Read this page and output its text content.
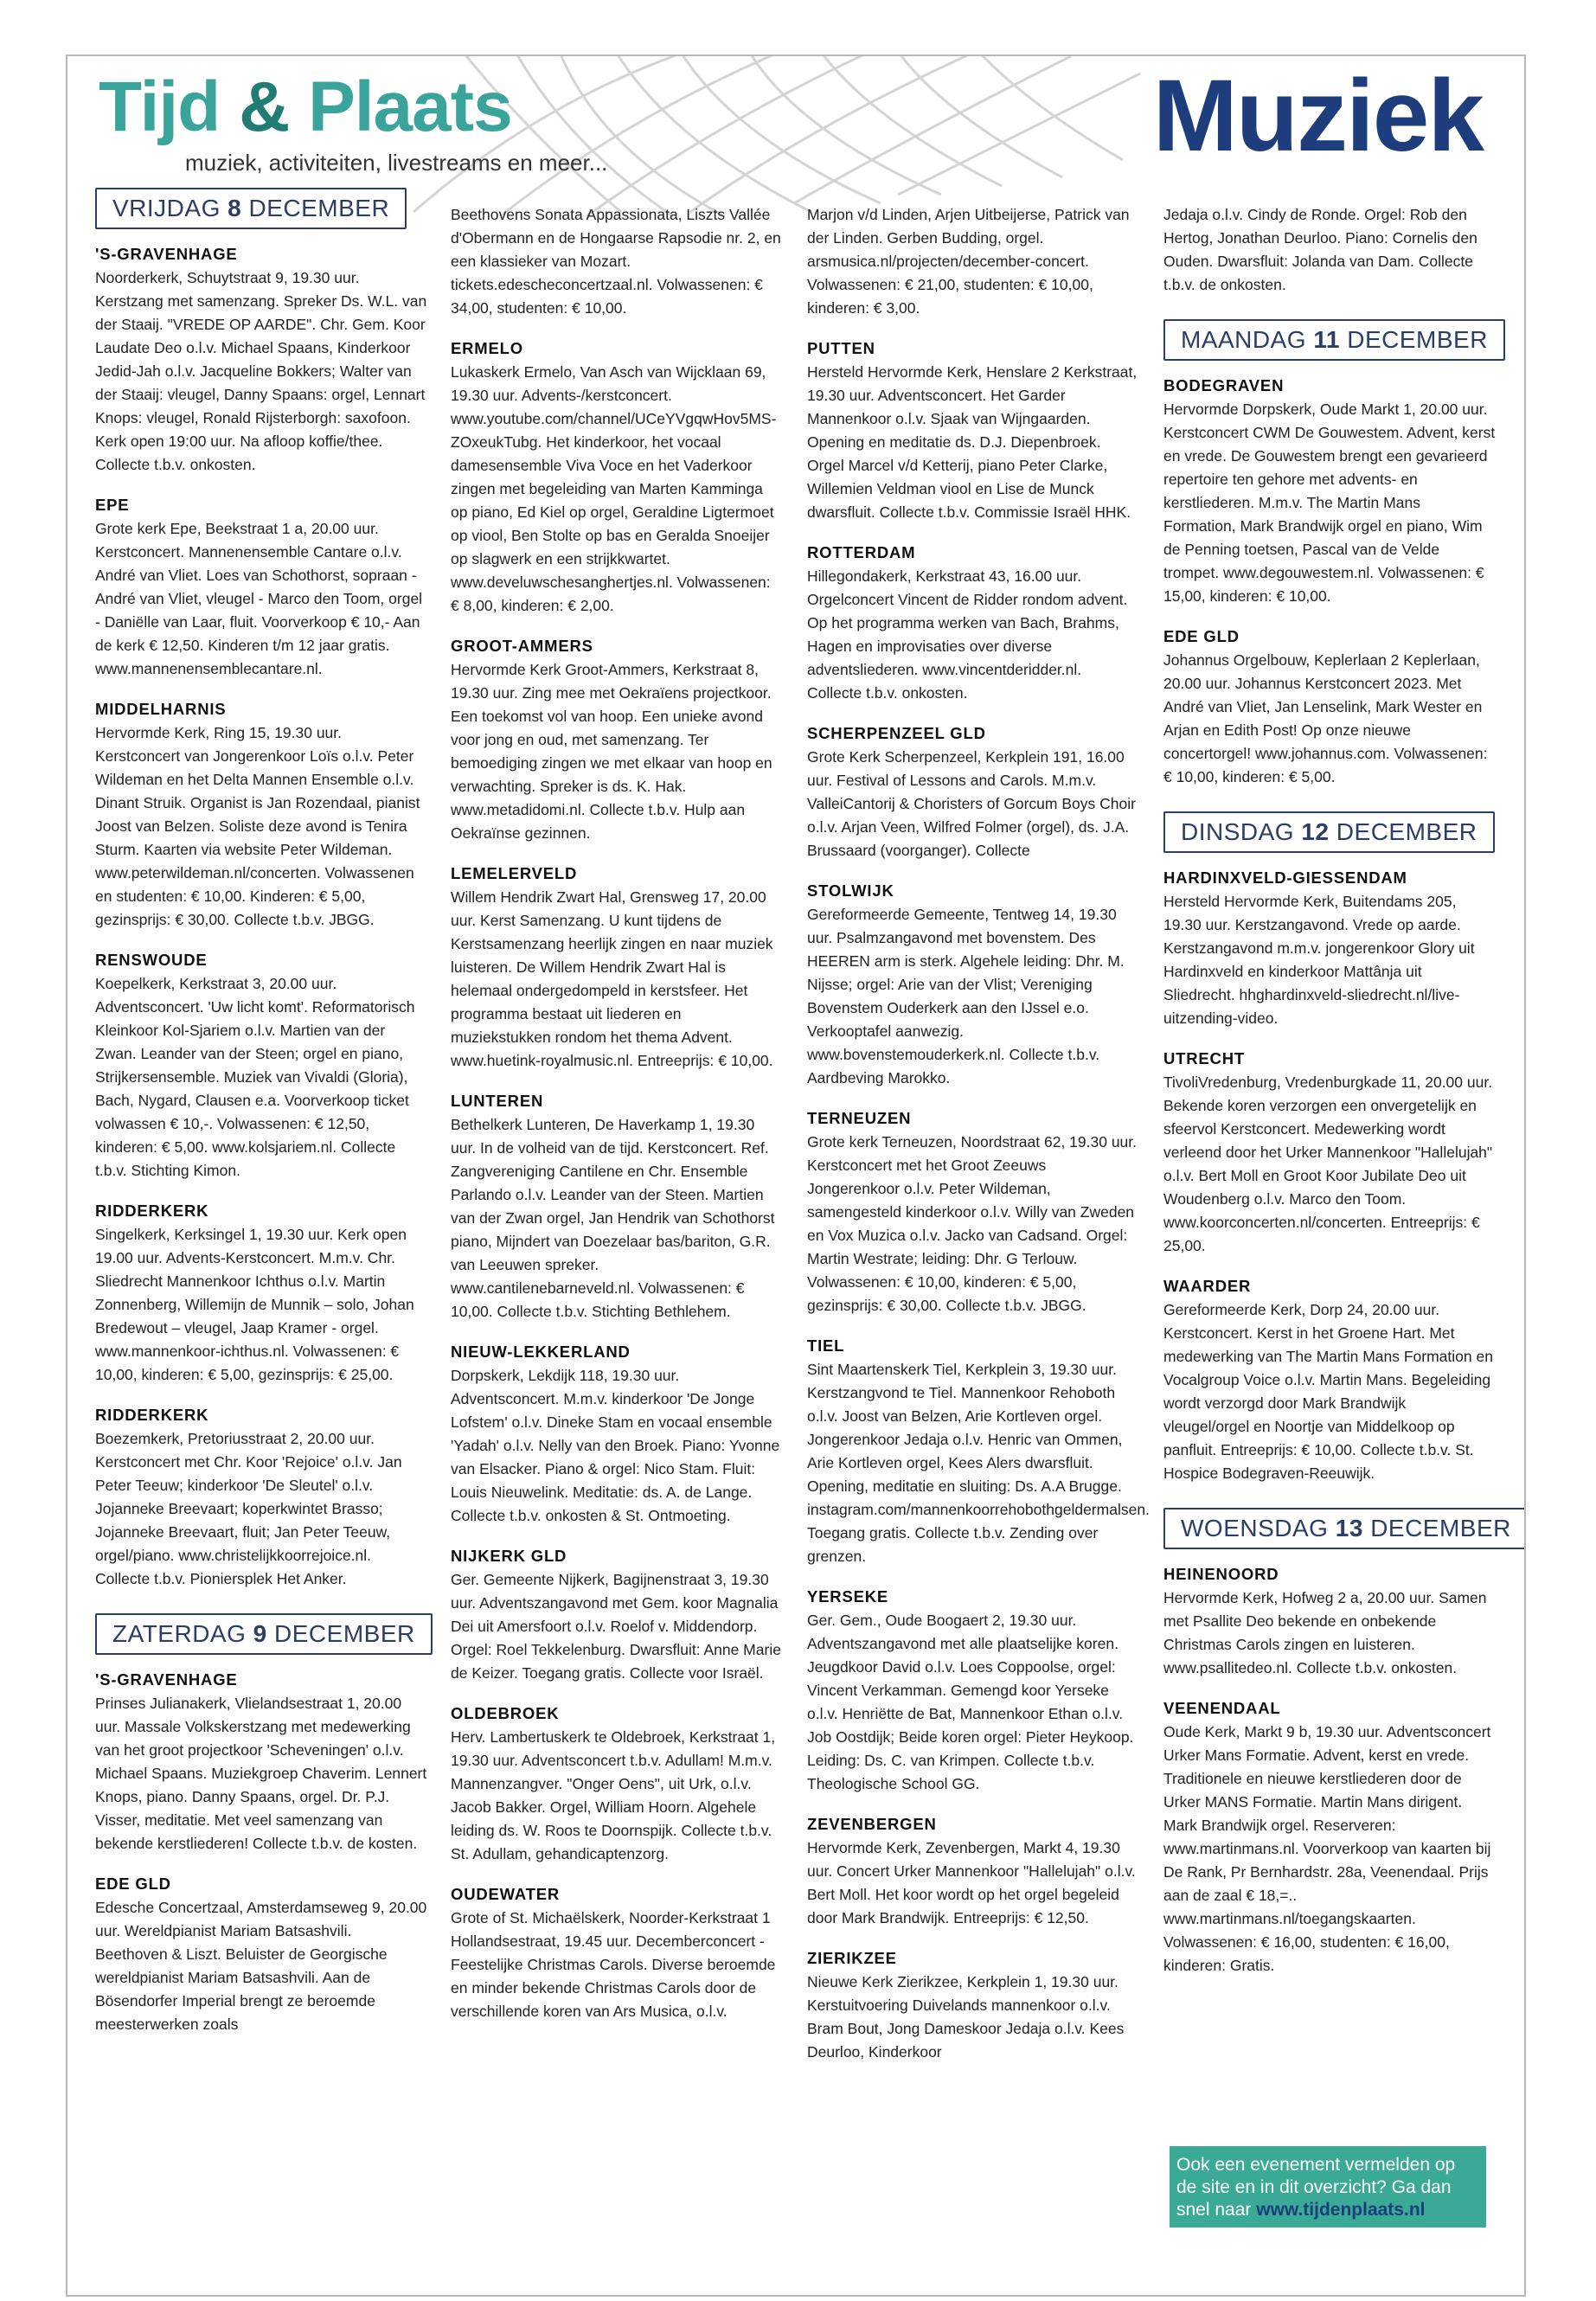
Tijd & Plaats
muziek, activiteiten, livestreams en meer...	Muziek
VRIJDAG 8 DECEMBER
'S-GRAVENHAGE
Noorderkerk, Schuytstraat 9, 19.30 uur. Kerstzang met samenzang. Spreker Ds. W.L. van der Staaij. "VREDE OP AARDE". Chr. Gem. Koor Laudate Deo o.l.v. Michael Spaans, Kinderkoor Jedid-Jah o.l.v. Jacqueline Bokkers; Walter van der Staaij: vleugel, Danny Spaans: orgel, Lennart Knops: vleugel, Ronald Rijsterborgh: saxofoon. Kerk open 19:00 uur. Na afloop koffie/thee. Collecte t.b.v. onkosten.
EPE
Grote kerk Epe, Beekstraat 1 a, 20.00 uur. Kerstconcert. Mannenensemble Cantare o.l.v. André van Vliet. Loes van Schothorst, sopraan - André van Vliet, vleugel - Marco den Toom, orgel - Daniëlle van Laar, fluit. Voorverkoop € 10,- Aan de kerk € 12,50. Kinderen t/m 12 jaar gratis. www.mannenensemblecantare.nl.
MIDDELHARNIS
Hervormde Kerk, Ring 15, 19.30 uur. Kerstconcert van Jongerenkoor Loïs o.l.v. Peter Wildeman en het Delta Mannen Ensemble o.l.v. Dinant Struik. Organist is Jan Rozendaal, pianist Joost van Belzen. Soliste deze avond is Tenira Sturm. Kaarten via website Peter Wildeman. www.peterwildeman.nl/concerten. Volwassenen en studenten: € 10,00. Kinderen: € 5,00, gezinsprijs: € 30,00. Collecte t.b.v. JBGG.
RENSWOUDE
Koepelkerk, Kerkstraat 3, 20.00 uur. Adventsconcert. 'Uw licht komt'. Reformatorisch Kleinkoor Kol-Sjariem o.l.v. Martien van der Zwan. Leander van der Steen; orgel en piano, Strijkersensemble. Muziek van Vivaldi (Gloria), Bach, Nygard, Clausen e.a. Voorverkoop ticket volwassen € 10,-. Volwassenen: € 12,50, kinderen: € 5,00. www.kolsjariem.nl. Collecte t.b.v. Stichting Kimon.
RIDDERKERK
Singelkerk, Kerksingel 1, 19.30 uur. Kerk open 19.00 uur. Advents-Kerstconcert. M.m.v. Chr. Sliedrecht Mannenkoor Ichthus o.l.v. Martin Zonnenberg, Willemijn de Munnik – solo, Johan Bredewout – vleugel, Jaap Kramer - orgel. www.mannenkoor-ichthus.nl. Volwassenen: € 10,00, kinderen: € 5,00, gezinsprijs: € 25,00.
RIDDERKERK
Boezemkerk, Pretoriusstraat 2, 20.00 uur. Kerstconcert met Chr. Koor 'Rejoice' o.l.v. Jan Peter Teeuw; kinderkoor 'De Sleutel' o.l.v. Jojanneke Breevaart; koperkwintet Brasso; Jojanneke Breevaart, fluit; Jan Peter Teeuw, orgel/piano. www.christelijkkoorrejoice.nl. Collecte t.b.v. Pioniersplek Het Anker.
ZATERDAG 9 DECEMBER
'S-GRAVENHAGE
Prinses Julianakerk, Vlielandsestraat 1, 20.00 uur. Massale Volkskerstzang met medewerking van het groot projectkoor 'Scheveningen' o.l.v. Michael Spaans. Muziekgroep Chaverim. Lennert Knops, piano. Danny Spaans, orgel. Dr. P.J. Visser, meditatie. Met veel samenzang van bekende kerstliederen! Collecte t.b.v. de kosten.
EDE GLD
Edesche Concertzaal, Amsterdamseweg 9, 20.00 uur. Wereldpianist Mariam Batsashvili. Beethoven & Liszt. Beluister de Georgische wereldpianist Mariam Batsashvili. Aan de Bösendorfer Imperial brengt ze beroemde meesterwerken zoals
Beethovens Sonata Appassionata, Liszts Vallée d'Obermann en de Hongaarse Rapsodie nr. 2, en een klassieker van Mozart. tickets.edescheconcertzaal.nl. Volwassenen: € 34,00, studenten: € 10,00.
ERMELO
Lukaskerk Ermelo, Van Asch van Wijcklaan 69, 19.30 uur. Advents-/kerstconcert. www.youtube.com/channel/UCeYVgqwHov5MS-ZOxeukTubg. Het kinderkoor, het vocaal damesensemble Viva Voce en het Vaderkoor zingen met begeleiding van Marten Kamminga op piano, Ed Kiel op orgel, Geraldine Ligtermoet op viool, Ben Stolte op bas en Geralda Snoeijer op slagwerk en een strijkkwartet. www.develuwschesanghertjes.nl. Volwassenen: € 8,00, kinderen: € 2,00.
GROOT-AMMERS
Hervormde Kerk Groot-Ammers, Kerkstraat 8, 19.30 uur. Zing mee met Oekraïens projectkoor. Een toekomst vol van hoop. Een unieke avond voor jong en oud, met samenzang. Ter bemoediging zingen we met elkaar van hoop en verwachting. Spreker is ds. K. Hak. www.metadidomi.nl. Collecte t.b.v. Hulp aan Oekraïnse gezinnen.
LEMELERVELD
Willem Hendrik Zwart Hal, Grensweg 17, 20.00 uur. Kerst Samenzang. U kunt tijdens de Kerstsamenzang heerlijk zingen en naar muziek luisteren. De Willem Hendrik Zwart Hal is helemaal ondergedompeld in kerstsfeer. Het programma bestaat uit liederen en muziekstukken rondom het thema Advent. www.huetink-royalmusic.nl. Entreeprijs: € 10,00.
LUNTEREN
Bethelkerk Lunteren, De Haverkamp 1, 19.30 uur. In de volheid van de tijd. Kerstconcert. Ref. Zangvereniging Cantilene en Chr. Ensemble Parlando o.l.v. Leander van der Steen. Martien van der Zwan orgel, Jan Hendrik van Schothorst piano, Mijndert van Doezelaar bas/bariton, G.R. van Leeuwen spreker. www.cantilenebarneveld.nl. Volwassenen: € 10,00. Collecte t.b.v. Stichting Bethlehem.
NIEUW-LEKKERLAND
Dorpskerk, Lekdijk 118, 19.30 uur. Adventsconcert. M.m.v. kinderkoor 'De Jonge Lofstem' o.l.v. Dineke Stam en vocaal ensemble 'Yadah' o.l.v. Nelly van den Broek. Piano: Yvonne van Elsacker. Piano & orgel: Nico Stam. Fluit: Louis Nieuwelink. Meditatie: ds. A. de Lange. Collecte t.b.v. onkosten & St. Ontmoeting.
NIJKERK GLD
Ger. Gemeente Nijkerk, Bagijnenstraat 3, 19.30 uur. Adventszangavond met Gem. koor Magnalia Dei uit Amersfoort o.l.v. Roelof v. Middendorp. Orgel: Roel Tekkelenburg. Dwarsfluit: Anne Marie de Keizer. Toegang gratis. Collecte voor Israël.
OLDEBROEK
Herv. Lambertuskerk te Oldebroek, Kerkstraat 1, 19.30 uur. Adventsconcert t.b.v. Adullam! M.m.v. Mannenzangver. "Onger Oens", uit Urk, o.l.v. Jacob Bakker. Orgel, William Hoorn. Algehele leiding ds. W. Roos te Doornspijk. Collecte t.b.v. St. Adullam, gehandicaptenzorg.
OUDEWATER
Grote of St. Michaëlskerk, Noorder-Kerkstraat 1 Hollandsestraat, 19.45 uur. Decemberconcert - Feestelijke Christmas Carols. Diverse beroemde en minder bekende Christmas Carols door de verschillende koren van Ars Musica, o.l.v.
Marjon v/d Linden, Arjen Uitbeijerse, Patrick van der Linden. Gerben Budding, orgel. arsmusica.nl/projecten/december-concert. Volwassenen: € 21,00, studenten: € 10,00, kinderen: € 3,00.
PUTTEN
Hersteld Hervormde Kerk, Henslare 2 Kerkstraat, 19.30 uur. Adventsconcert. Het Garder Mannenkoor o.l.v. Sjaak van Wijngaarden. Opening en meditatie ds. D.J. Diepenbroek. Orgel Marcel v/d Ketterij, piano Peter Clarke, Willemien Veldman viool en Lise de Munck dwarsfluit. Collecte t.b.v. Commissie Israël HHK.
ROTTERDAM
Hillegondakerk, Kerkstraat 43, 16.00 uur. Orgelconcert Vincent de Ridder rondom advent. Op het programma werken van Bach, Brahms, Hagen en improvisaties over diverse adventsliederen. www.vincentderidder.nl. Collecte t.b.v. onkosten.
SCHERPENZEEL GLD
Grote Kerk Scherpenzeel, Kerkplein 191, 16.00 uur. Festival of Lessons and Carols. M.m.v. ValleiCantorij & Choristers of Gorcum Boys Choir o.l.v. Arjan Veen, Wilfred Folmer (orgel), ds. J.A. Brussaard (voorganger). Collecte
STOLWIJK
Gereformeerde Gemeente, Tentweg 14, 19.30 uur. Psalmzangavond met bovenstem. Des HEEREN arm is sterk. Algehele leiding: Dhr. M. Nijsse; orgel: Arie van der Vlist; Vereniging Bovenstem Ouderkerk aan den IJssel e.o. Verkooptafel aanwezig. www.bovenstemouderkerk.nl. Collecte t.b.v. Aardbeving Marokko.
TERNEUZEN
Grote kerk Terneuzen, Noordstraat 62, 19.30 uur. Kerstconcert met het Groot Zeeuws Jongerenkoor o.l.v. Peter Wildeman, samengesteld kinderkoor o.l.v. Willy van Zweden en Vox Muzica o.l.v. Jacko van Cadsand. Orgel: Martin Westrate; leiding: Dhr. G Terlouw. Volwassenen: € 10,00, kinderen: € 5,00, gezinsprijs: € 30,00. Collecte t.b.v. JBGG.
TIEL
Sint Maartenskerk Tiel, Kerkplein 3, 19.30 uur. Kerstzangvond te Tiel. Mannenkoor Rehoboth o.l.v. Joost van Belzen, Arie Kortleven orgel. Jongerenkoor Jedaja o.l.v. Henric van Ommen, Arie Kortleven orgel, Kees Alers dwarsfluit. Opening, meditatie en sluiting: Ds. A.A Brugge. instagram.com/mannenkoorrehobothgeldermalsen. Toegang gratis. Collecte t.b.v. Zending over grenzen.
YERSEKE
Ger. Gem., Oude Boogaert 2, 19.30 uur. Adventszangavond met alle plaatselijke koren. Jeugdkoor David o.l.v. Loes Coppoolse, orgel: Vincent Verkamman. Gemengd koor Yerseke o.l.v. Henriëtte de Bat, Mannenkoor Ethan o.l.v. Job Oostdijk; Beide koren orgel: Pieter Heykoop. Leiding: Ds. C. van Krimpen. Collecte t.b.v. Theologische School GG.
ZEVENBERGEN
Hervormde Kerk, Zevenbergen, Markt 4, 19.30 uur. Concert Urker Mannenkoor "Hallelujah" o.l.v. Bert Moll. Het koor wordt op het orgel begeleid door Mark Brandwijk. Entreeprijs: € 12,50.
ZIERIKZEE
Nieuwe Kerk Zierikzee, Kerkplein 1, 19.30 uur. Kerstuitvoering Duivelands mannenkoor o.l.v. Bram Bout, Jong Dameskoor Jedaja o.l.v. Kees Deurloo, Kinderkoor
Jedaja o.l.v. Cindy de Ronde. Orgel: Rob den Hertog, Jonathan Deurloo. Piano: Cornelis den Ouden. Dwarsfluit: Jolanda van Dam. Collecte t.b.v. de onkosten.
MAANDAG 11 DECEMBER
BODEGRAVEN
Hervormde Dorpskerk, Oude Markt 1, 20.00 uur. Kerstconcert CWM De Gouwestem. Advent, kerst en vrede. De Gouwestem brengt een gevarieerd repertoire ten gehore met advents- en kerstliederen. M.m.v. The Martin Mans Formation, Mark Brandwijk orgel en piano, Wim de Penning toetsen, Pascal van de Velde trompet. www.degouwestem.nl. Volwassenen: € 15,00, kinderen: € 10,00.
EDE GLD
Johannus Orgelbouw, Keplerlaan 2 Keplerlaan, 20.00 uur. Johannus Kerstconcert 2023. Met André van Vliet, Jan Lenselink, Mark Wester en Arjan en Edith Post! Op onze nieuwe concertorgel! www.johannus.com. Volwassenen: € 10,00, kinderen: € 5,00.
DINSDAG 12 DECEMBER
HARDINXVELD-GIESSENDAM
Hersteld Hervormde Kerk, Buitendams 205, 19.30 uur. Kerstzangavond. Vrede op aarde. Kerstzangavond m.m.v. jongerenkoor Glory uit Hardinxveld en kinderkoor Mattânja uit Sliedrecht. hhghardinxveld-sliedrecht.nl/live-uitzending-video.
UTRECHT
TivoliVredenburg, Vredenburgkade 11, 20.00 uur. Bekende koren verzorgen een onvergetelijk en sfeervol Kerstconcert. Medewerking wordt verleend door het Urker Mannenkoor "Hallelujah" o.l.v. Bert Moll en Groot Koor Jubilate Deo uit Woudenberg o.l.v. Marco den Toom. www.koorconcerten.nl/concerten. Entreeprijs: € 25,00.
WAARDER
Gereformeerde Kerk, Dorp 24, 20.00 uur. Kerstconcert. Kerst in het Groene Hart. Met medewerking van The Martin Mans Formation en Vocalgroup Voice o.l.v. Martin Mans. Begeleiding wordt verzorgd door Mark Brandwijk vleugel/orgel en Noortje van Middelkoop op panfluit. Entreeprijs: € 10,00. Collecte t.b.v. St. Hospice Bodegraven-Reeuwijk.
WOENSDAG 13 DECEMBER
HEINENOORD
Hervormde Kerk, Hofweg 2 a, 20.00 uur. Samen met Psallite Deo bekende en onbekende Christmas Carols zingen en luisteren. www.psallitedeo.nl. Collecte t.b.v. onkosten.
VEENENDAAL
Oude Kerk, Markt 9 b, 19.30 uur. Adventsconcert Urker Mans Formatie. Advent, kerst en vrede. Traditionele en nieuwe kerstliederen door de Urker MANS Formatie. Martin Mans dirigent. Mark Brandwijk orgel. Reserveren: www.martinmans.nl. Voorverkoop van kaarten bij De Rank, Pr Bernhardstr. 28a, Veenendaal. Prijs aan de zaal € 18,=.. www.martinmans.nl/toegangskaarten. Volwassenen: € 16,00, studenten: € 16,00, kinderen: Gratis.
Ook een evenement vermelden op de site en in dit overzicht? Ga dan snel naar www.tijdenplaats.nl
